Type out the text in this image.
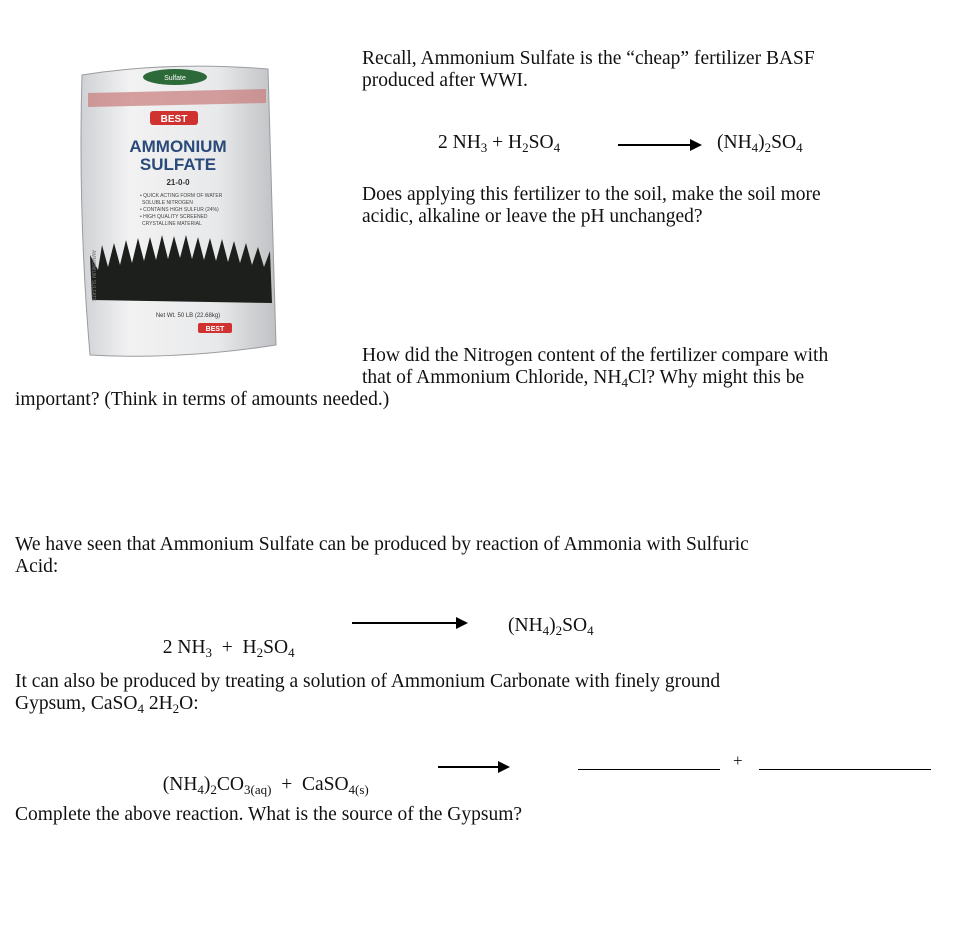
Sulfate
BEST
AMMONIUM
SULFATE
21-0-0
• QUICK ACTING FORM OF WATER
SOLUBLE NITROGEN
• CONTAINS HIGH SULFUR (24%)
• HIGH QUALITY SCREENED
CRYSTALLINE MATERIAL
Net Wt. 50 LB (22.68kg)
BEST
AMMONIUM SULFATE
Recall, Ammonium Sulfate is the “cheap” fertilizer BASF
produced after WWI.
2 $NH_3 + H_2SO_4$	$(NH_4)_2SO_4$
Does applying this fertilizer to the soil, make the soil more
acidic, alkaline or leave the pH unchanged?
How did the Nitrogen content of the fertilizer compare with
that of Ammonium Chloride, $NH_4Cl$? Why might this be
important? (Think in terms of amounts needed.)
We have seen that Ammonium Sulfate can be produced by reaction of Ammonia with Sulfuric
Acid:

2 $NH_3 + H_2SO_4$

$(NH_4)_2SO_4$
It can also be produced by treating a solution of Ammonium Carbonate with finely ground
Gypsum, CaSO$_4$ $2H_2O$:

$(NH_4)_2CO_{3(aq)}$  +  CaSO$_{4(s)}$

+
Complete the above reaction. What is the source of the Gypsum?
